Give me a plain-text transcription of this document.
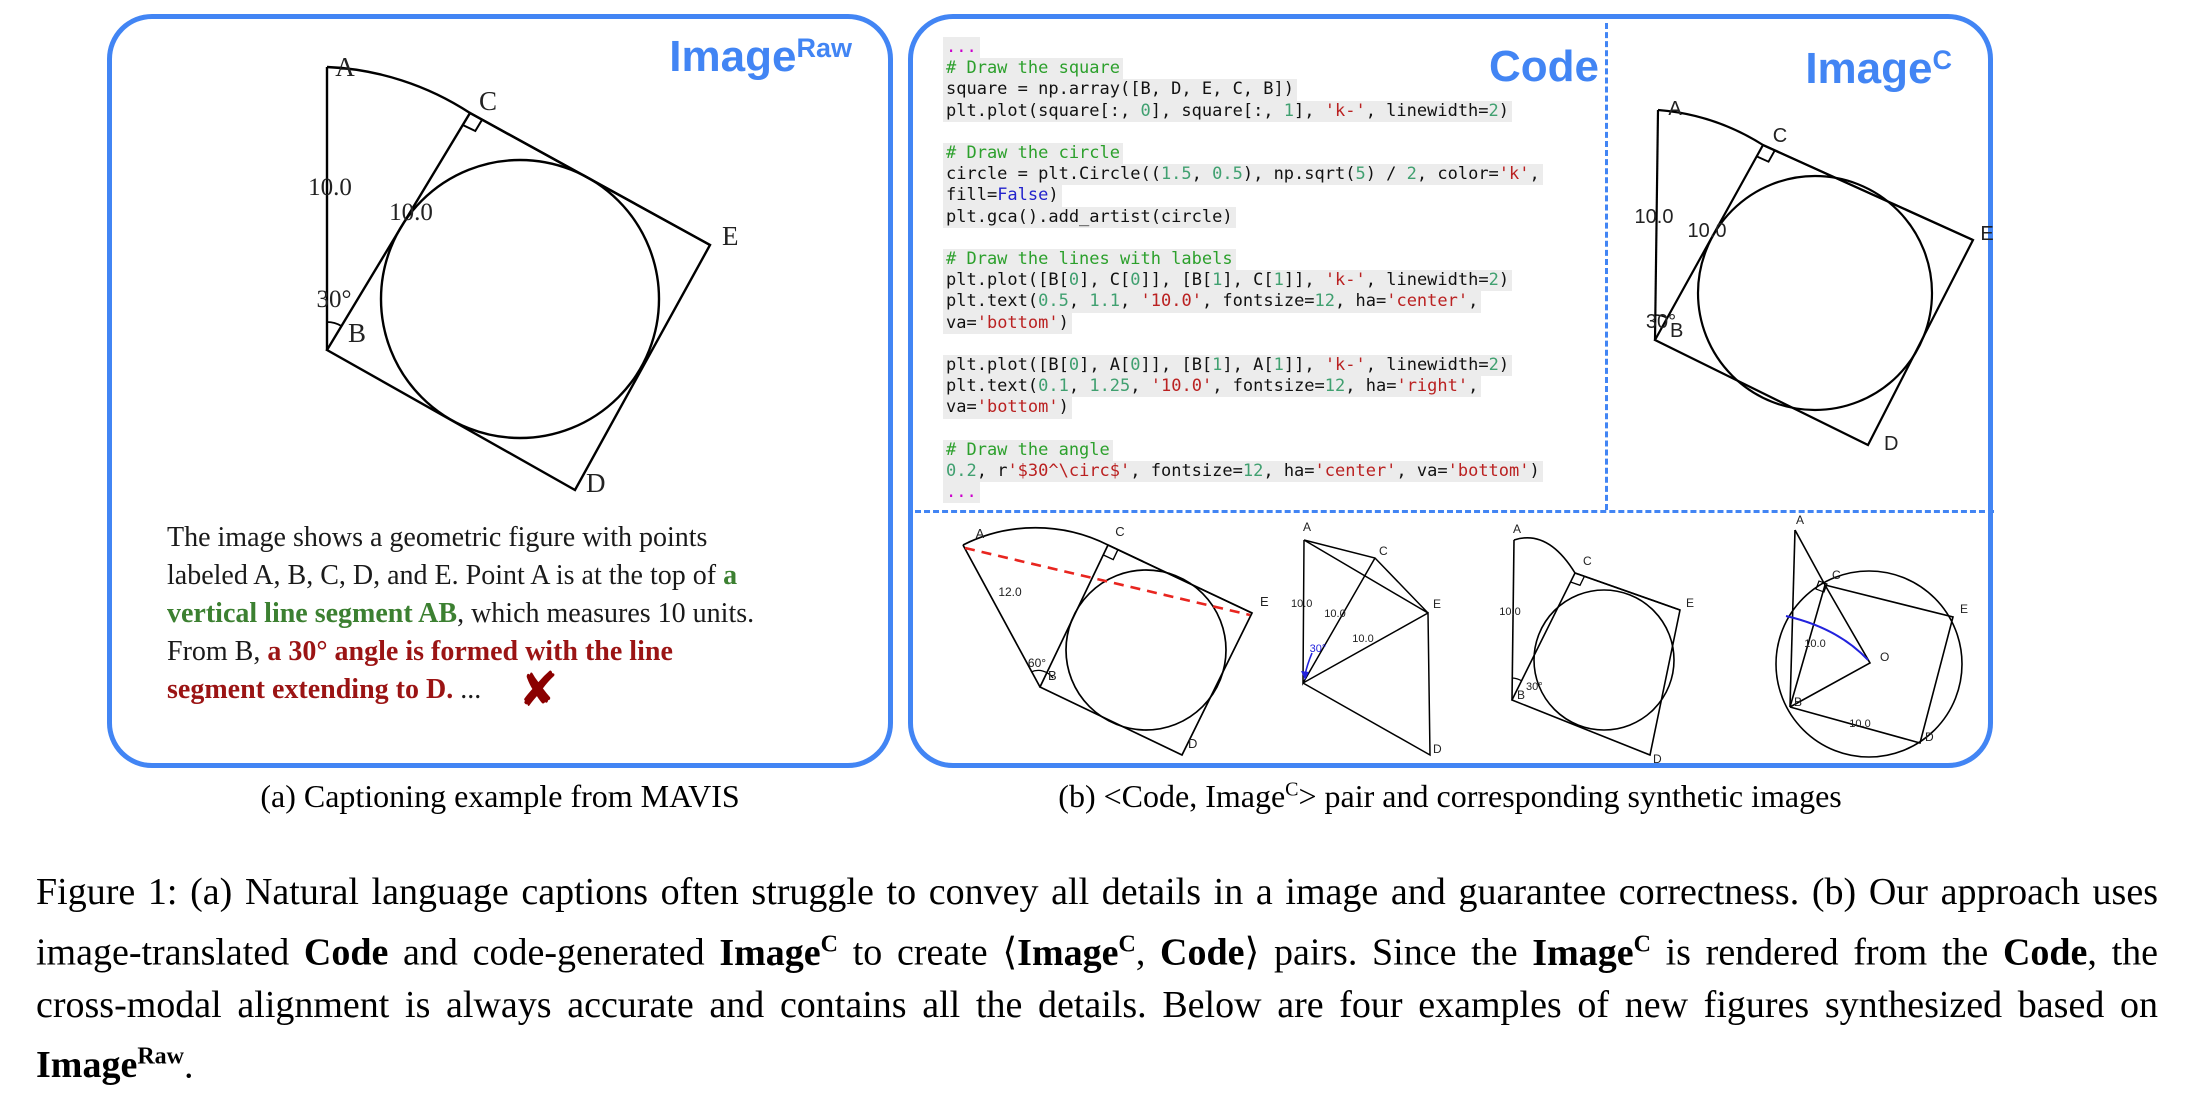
Image$^{Raw}$
A
B
C
D
E
10.0
10.0
30°
The image shows a geometric figure with points labeled A, B, C, D, and E. Point A is at the top of a vertical line segment AB, which measures 10 units. From B, a 30° angle is formed with the line segment extending to D. ... ✘
Code	Image$^C$
...
# Draw the square
square = np.array([B, D, E, C, B])
plt.plot(square[:, 0], square[:, 1], 'k-', linewidth=2)

# Draw the circle
circle = plt.Circle((1.5, 0.5), np.sqrt(5) / 2, color='k',
fill=False)
plt.gca().add_artist(circle)

# Draw the lines with labels
plt.plot([B[0], C[0]], [B[1], C[1]], 'k-', linewidth=2)
plt.text(0.5, 1.1, '10.0', fontsize=12, ha='center',
va='bottom')

plt.plot([B[0], A[0]], [B[1], A[1]], 'k-', linewidth=2)
plt.text(0.1, 1.25, '10.0', fontsize=12, ha='right',
va='bottom')

# Draw the angle
0.2, r'$30^\circ$', fontsize=12, ha='center', va='bottom')
...
A
B
C
D
E
10.0
10.0
30°
A
B
C
D
E
12.0
60°
A
C
E
D
10.0
10.0
10.0
30°
A
B
C
D
E
10.0
30°
A
B
C
D
E
O
10.0
10.0
(a) Captioning example from MAVIS	(b) <Code, Image$^C$> pair and corresponding synthetic images
Figure 1: (a) Natural language captions often struggle to convey all details in a image and guarantee correctness. (b) Our approach uses image-translated Code and code-generated Image$^C$ to create ⟨Image$^C$, Code⟩ pairs. Since the Image$^C$ is rendered from the Code, the cross-modal alignment is always accurate and contains all the details. Below are four examples of new figures synthesized based on Image$^{Raw}$.
